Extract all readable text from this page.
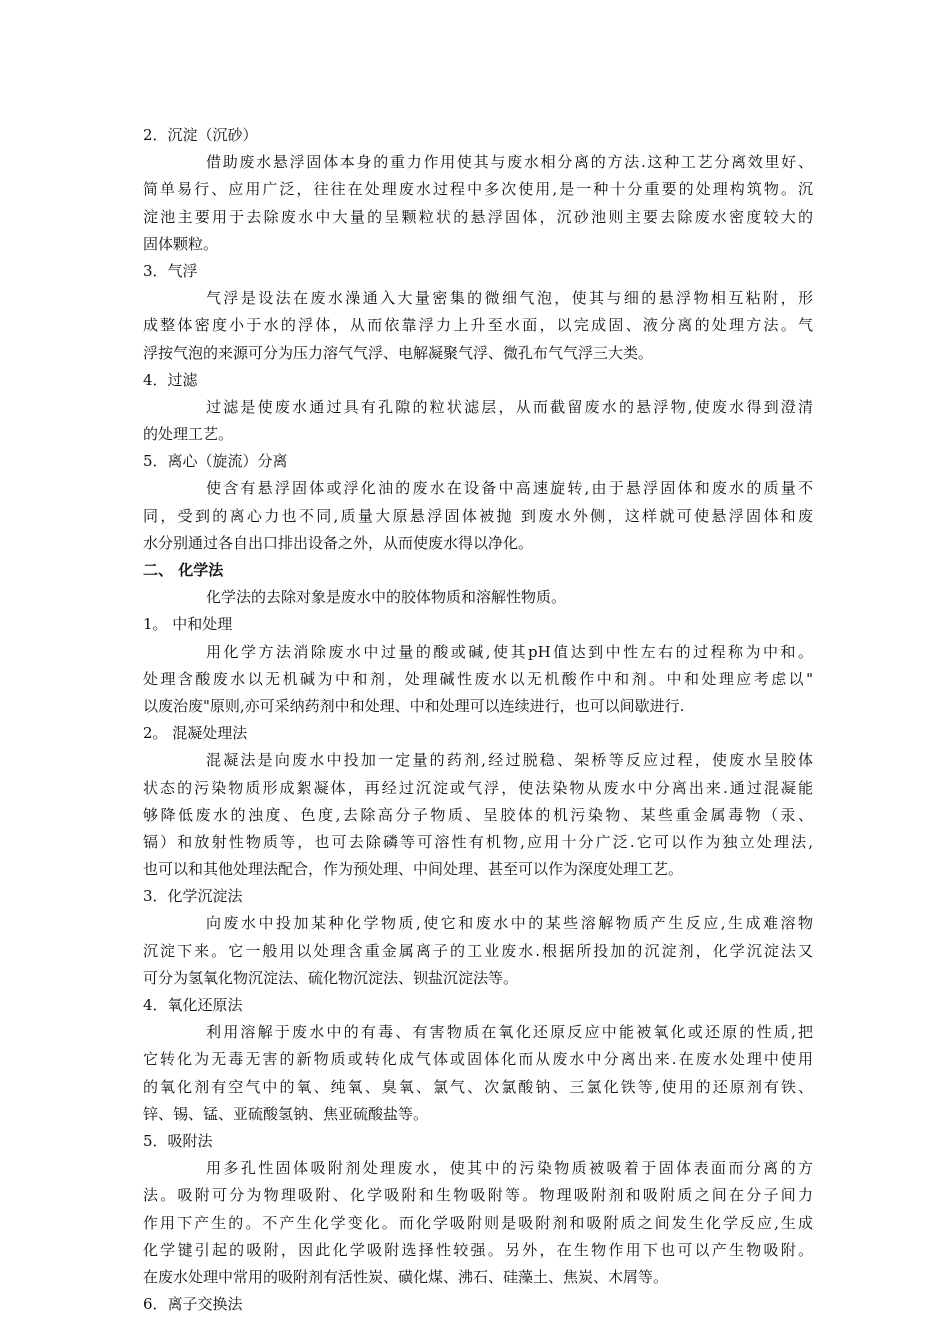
2．沉淀（沉砂）
借助废水悬浮固体本身的重力作用使其与废水相分离的方法.这种工艺分离效里好、
简单易行、应用广泛，往往在处理废水过程中多次使用,是一种十分重要的处理构筑物。沉
淀池主要用于去除废水中大量的呈颗粒状的悬浮固体，沉砂池则主要去除废水密度较大的
固体颗粒。
3．气浮
气浮是设法在废水澡通入大量密集的微细气泡，使其与细的悬浮物相互粘附，形
成整体密度小于水的浮体，从而依靠浮力上升至水面，以完成固、液分离的处理方法。气
浮按气泡的来源可分为压力溶气气浮、电解凝聚气浮、微孔布气气浮三大类。
4．过滤
过滤是使废水通过具有孔隙的粒状滤层，从而截留废水的悬浮物,使废水得到澄清
的处理工艺。
5．离心（旋流）分离
使含有悬浮固体或浮化油的废水在设备中高速旋转,由于悬浮固体和废水的质量不
同，受到的离心力也不同,质量大原悬浮固体被抛 到废水外侧，这样就可使悬浮固体和废
水分别通过各自出口排出设备之外，从而使废水得以净化。
二、 化学法
化学法的去除对象是废水中的胶体物质和溶解性物质。
1。 中和处理
用化学方法消除废水中过量的酸或碱,使其pH值达到中性左右的过程称为中和。
处理含酸废水以无机碱为中和剂，处理碱性废水以无机酸作中和剂。中和处理应考虑以"
以废治废"原则,亦可采纳药剂中和处理、中和处理可以连续进行，也可以间歇进行.
2。 混凝处理法
混凝法是向废水中投加一定量的药剂,经过脱稳、架桥等反应过程，使废水呈胶体
状态的污染物质形成絮凝体，再经过沉淀或气浮，使法染物从废水中分离出来.通过混凝能
够降低废水的浊度、色度,去除高分子物质、呈胶体的机污染物、某些重金属毒物（汞、
镉）和放射性物质等，也可去除磷等可溶性有机物,应用十分广泛.它可以作为独立处理法,
也可以和其他处理法配合，作为预处理、中间处理、甚至可以作为深度处理工艺。
3．化学沉淀法
向废水中投加某种化学物质,使它和废水中的某些溶解物质产生反应,生成难溶物
沉淀下来。它一般用以处理含重金属离子的工业废水.根据所投加的沉淀剂，化学沉淀法又
可分为氢氧化物沉淀法、硫化物沉淀法、钡盐沉淀法等。
4．氧化还原法
利用溶解于废水中的有毒、有害物质在氧化还原反应中能被氧化或还原的性质,把
它转化为无毒无害的新物质或转化成气体或固体化而从废水中分离出来.在废水处理中使用
的氧化剂有空气中的氧、纯氧、臭氧、氯气、次氯酸钠、三氯化铁等,使用的还原剂有铁、
锌、锡、锰、亚硫酸氢钠、焦亚硫酸盐等。
5．吸附法
用多孔性固体吸附剂处理废水，使其中的污染物质被吸着于固体表面而分离的方
法。吸附可分为物理吸附、化学吸附和生物吸附等。物理吸附剂和吸附质之间在分子间力
作用下产生的。不产生化学变化。而化学吸附则是吸附剂和吸附质之间发生化学反应,生成
化学键引起的吸附，因此化学吸附选择性较强。另外，在生物作用下也可以产生物吸附。
在废水处理中常用的吸附剂有活性炭、磺化煤、沸石、硅藻土、焦炭、木屑等。
6．离子交换法
